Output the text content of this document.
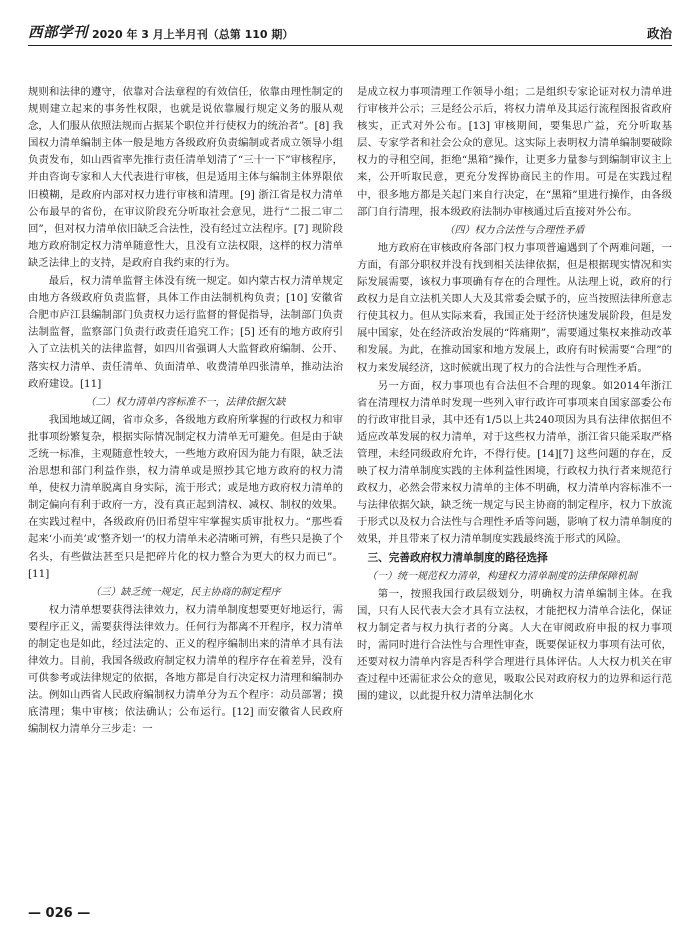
西部学刊 2020 年 3 月上半月刊（总第 110 期）	政治

规则和法律的遵守，依靠对合法章程的有效信任，依靠由理性制定的规则建立起来的事务性权限，也就是说依靠履行规定义务的服从观念，人们服从依照法规而占据某个职位并行使权力的统治者”。[8] 我国权力清单编制主体一般是地方各级政府负责编制或者成立领导小组负责发布，如山西省率先推行责任清单划清了“三十一下”审核程序，并由咨询专家和人大代表进行审核，但是适用主体与编制主体界限依旧模糊，是政府内部对权力进行审核和清理。[9] 浙江省是权力清单公布最早的省份，在审议阶段充分听取社会意见，进行“二报二审二回”，但对权力清单依旧缺乏合法性，没有经过立法程序。[7] 现阶段地方政府制定权力清单随意性大，且没有立法权限，这样的权力清单缺乏法律上的支持，是政府自我约束的行为。

最后，权力清单监督主体没有统一规定。如内蒙古权力清单规定由地方各级政府负责监督，具体工作由法制机构负责；[10] 安徽省合肥市庐江县编制部门负责权力运行监督的督促指导，法制部门负责法制监督，监察部门负责行政责任追究工作；[5] 还有的地方政府引入了立法机关的法律监督，如四川省强调人大监督政府编制、公开、落实权力清单、责任清单、负面清单、收费清单四张清单，推动法治政府建设。[11]

（二）权力清单内容标准不一，法律依据欠缺

我国地域辽阔，省市众多，各级地方政府所掌握的行政权力和审批事项纷繁复杂，根据实际情况制定权力清单无可避免。但是由于缺乏统一标准，主观随意性较大，一些地方政府因为能力有限，缺乏法治思想和部门利益作祟，权力清单或是照抄其它地方政府的权力清单，使权力清单脱离自身实际，流于形式；或是地方政府权力清单的制定偏向有利于政府一方，没有真正起到清权、减权、制权的效果。在实践过程中，各级政府仍旧希望牢牢掌握实质审批权力。“那些看起来‘小而美’或‘整齐划一’的权力清单未必清晰可辨，有些只是换了个名头，有些做法甚至只是把碎片化的权力整合为更大的权力而已”。[11]

（三）缺乏统一规定，民主协商的制定程序

权力清单想要获得法律效力，权力清单制度想要更好地运行，需要程序正义，需要获得法律效力。任何行为都离不开程序，权力清单的制定也是如此，经过法定的、正义的程序编制出来的清单才具有法律效力。目前，我国各级政府制定权力清单的程序存在着差异，没有可供参考或法律规定的依据，各地方都是自行决定权力清理和编制办法。例如山西省人民政府编制权力清单分为五个程序：动员部署；摸底清理；集中审核；依法确认；公布运行。[12] 而安徽省人民政府编制权力清单分三步走：一

是成立权力事项清理工作领导小组；二是组织专家论证对权力清单进行审核并公示；三是经公示后，将权力清单及其运行流程图报省政府核实，正式对外公布。[13] 审核期间，要集思广益，充分听取基层、专家学者和社会公众的意见。这实际上表明权力清单编制要破除权力的寻租空间，拒绝“黑箱”操作，让更多力量参与到编制审议主上来，公开听取民意，更充分发挥协商民主的作用。可是在实践过程中，很多地方都是关起门来自行决定，在“黑箱”里进行操作，由各级部门自行清理，报本级政府法制办审核通过后直接对外公布。

（四）权力合法性与合理性矛盾

地方政府在审核政府各部门权力事项普遍遇到了个两难问题，一方面，有部分职权并没有找到相关法律依据，但是根据现实情况和实际发展需要，该权力事项确有存在的合理性。从法理上说，政府的行政权力是自立法机关即人大及其常委会赋予的，应当按照法律所意志行使其权力。但从实际来看，我国正处于经济快速发展阶段，但是发展中国家，处在经济政治发展的“阵痛期”，需要通过集权来推动改革和发展。为此，在推动国家和地方发展上，政府有时候需要“合理”的权力来发展经济，这时候就出现了权力的合法性与合理性矛盾。

另一方面，权力事项也有合法但不合理的现象。如2014年浙江省在清理权力清单时发现一些列入审行政许可事项来自国家部委公布的行政审批目录，其中还有1/5以上共240项因为具有法律依据但不适应改革发展的权力清单，对于这些权力清单，浙江省只能采取严格管理，未经同级政府允许，不得行使。[14][7] 这些问题的存在，反映了权力清单制度实践的主体利益性困境，行政权力执行者来规范行政权力，必然会带来权力清单的主体不明确，权力清单内容标准不一与法律依据欠缺，缺乏统一规定与民主协商的制定程序，权力下放流于形式以及权力合法性与合理性矛盾等问题，影响了权力清单制度的效果，并且带来了权力清单制度实践最终流于形式的风险。

三、完善政府权力清单制度的路径选择

（一）统一规范权力清单，构建权力清单制度的法律保障机制

第一，按照我国行政层级划分，明确权力清单编制主体。在我国，只有人民代表大会才具有立法权，才能把权力清单合法化，保证权力制定者与权力执行者的分离。人大在审阅政府申报的权力事项时，需同时进行合法性与合理性审查，既要保证权力事项有法可依，还要对权力清单内容是否科学合理进行具体评估。人大权力机关在审查过程中还需征求公众的意见，吸取公民对政府权力的边界和运行范围的建议，以此提升权力清单法制化水

— 026 —
